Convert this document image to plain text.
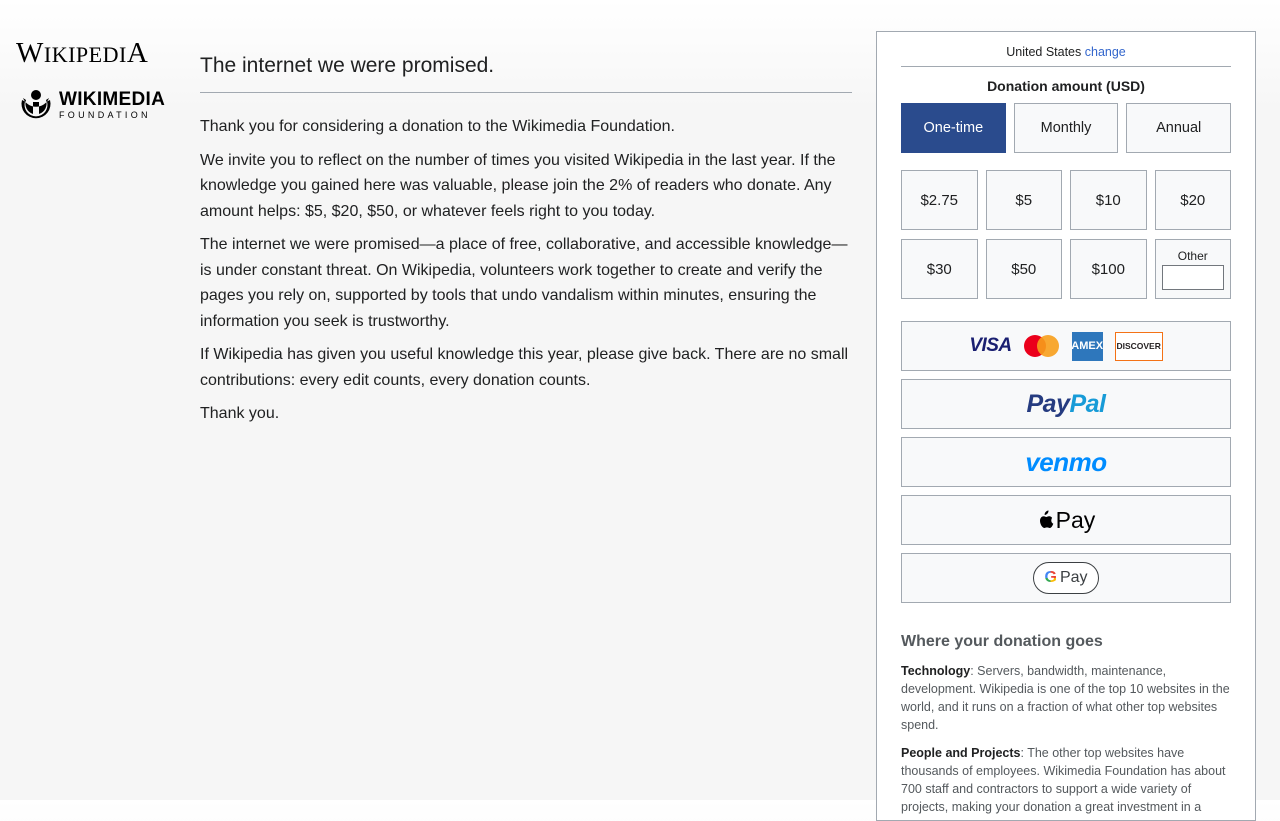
WIKIPEDIA
WIKIMEDIA
FOUNDATION
The internet we were promised.

Thank you for considering a donation to the Wikimedia Foundation.

We invite you to reflect on the number of times you visited Wikipedia in the last year. If the knowledge you gained here was valuable, please join the 2% of readers who donate. Any amount helps: $5, $20, $50, or whatever feels right to you today.

The internet we were promised—a place of free, collaborative, and accessible knowledge—is under constant threat. On Wikipedia, volunteers work together to create and verify the pages you rely on, supported by tools that undo vandalism within minutes, ensuring the information you seek is trustworthy.

If Wikipedia has given you useful knowledge this year, please give back. There are no small contributions: every edit counts, every donation counts.

Thank you.

United States change
Donation amount (USD)
One-time	Monthly	Annual
$2.75	$5	$10	$20
$30	$50	$100
Other
VISA	AMEX DISCOVER
PayPal
venmo
Pay
G Pay
Where your donation goes
Technology: Servers, bandwidth, maintenance, development. Wikipedia is one of the top 10 websites in the world, and it runs on a fraction of what other top websites spend.
People and Projects: The other top websites have thousands of employees. Wikimedia Foundation has about 700 staff and contractors to support a wide variety of projects, making your donation a great investment in a
